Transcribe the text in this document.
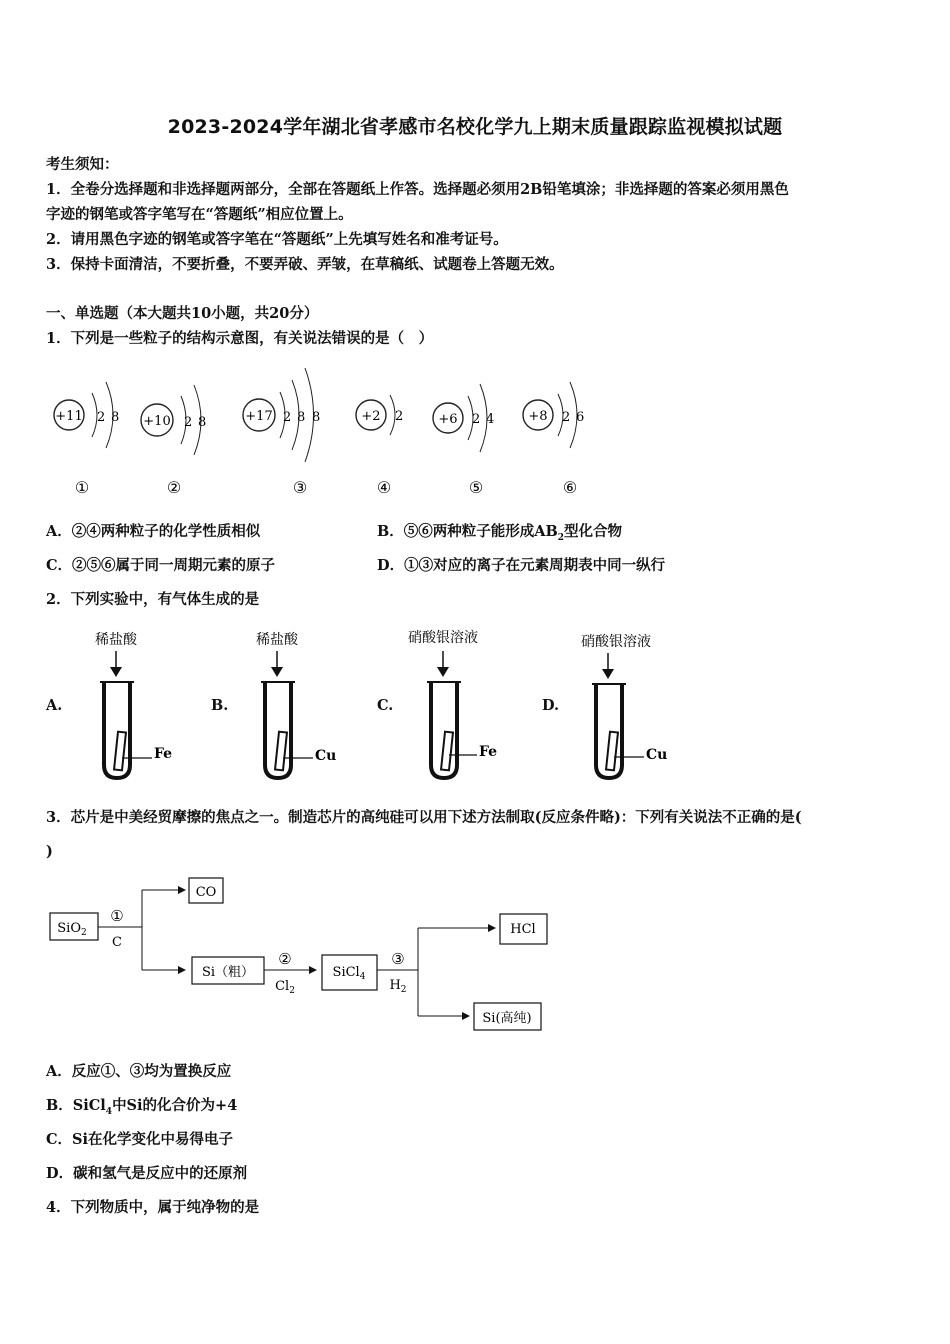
2023-2024学年湖北省孝感市名校化学九上期末质量跟踪监视模拟试题
考生须知：
1．全卷分选择题和非选择题两部分，全部在答题纸上作答。选择题必须用2B铅笔填涂；非选择题的答案必须用黑色
字迹的钢笔或答字笔写在“答题纸”相应位置上。
2．请用黑色字迹的钢笔或答字笔在“答题纸”上先填写姓名和准考证号。
3．保持卡面清洁，不要折叠，不要弄破、弄皱，在草稿纸、试题卷上答题无效。
一、单选题（本大题共10小题，共20分）
1．下列是一些粒子的结构示意图，有关说法错误的是（　）
+11 2 8
①
+10 2 8
②
+17 2 8 8
③
+2 2
④
+6 2 4
⑤
+8 2 6
⑥
A．②④两种粒子的化学性质相似	B．⑤⑥两种粒子能形成$AB_2$型化合物
C．②⑤⑥属于同一周期元素的原子	D．①③对应的离子在元素周期表中同一纵行
2．下列实验中，有气体生成的是
A.	B.	C.	D.
稀盐酸
Fe
稀盐酸
Cu
硝酸银溶液
Fe
硝酸银溶液
Cu
3．芯片是中美经贸摩擦的焦点之一。制造芯片的高纯硅可以用下述方法制取(反应条件略)：下列有关说法不正确的是(
)
SiO$_2$
①
C
CO
Si（粗）
②
$Cl_2$
SiCl$_4$
③
$H_2$
HCl
Si(高纯)
A．反应①、③均为置换反应
B．SiCl$_4$中Si的化合价为+4
C．Si在化学变化中易得电子
D．碳和氢气是反应中的还原剂
4．下列物质中，属于纯净物的是
